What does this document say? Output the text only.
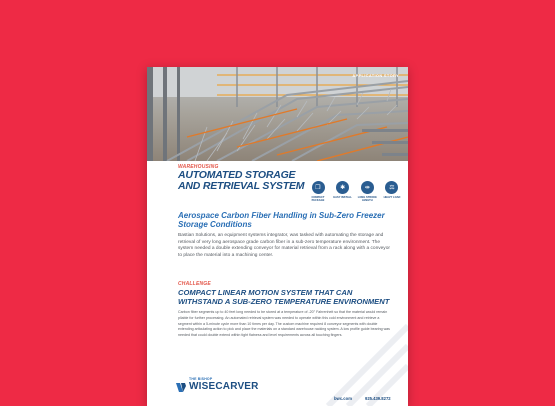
APPLICATION STORY
WAREHOUSING
AUTOMATED STORAGE AND RETRIEVAL SYSTEM	❒
COMPACT PACKAGE
✱
EASY INSTALL
⇹
LONG STROKE LENGTH
⚖
HEAVY LOAD
Aerospace Carbon Fiber Handling in Sub-Zero Freezer Storage Conditions
Bastian Solutions, an equipment systems integrator, was tasked with automating the storage and retrieval of very long aerospace grade carbon fiber in a sub-zero temperature environment. The system needed a double extending conveyor for material retrieval from a rack along with a conveyor to place the material into a machining center.
CHALLENGE
COMPACT LINEAR MOTION SYSTEM THAT CAN WITHSTAND A SUB-ZERO TEMPERATURE ENVIRONMENT
Carbon fiber segments up to 40 feet long needed to be stored at a temperature of -20° Fahrenheit so that the material would remain pliable for further processing. An automated retrieval system was needed to operate within this cold environment and retrieve a segment within a 5-minute cycle more than 10 times per day. The custom machine required 8 conveyor segments with double extending articulating action to pick and place the materials on a standard warehouse racking system. A low profile guide bearing was needed that could double extend within tight flatness and level requirements across all touching fingers.
THE BISHOP
WISECARVER
bwc.com	925.439.8272
